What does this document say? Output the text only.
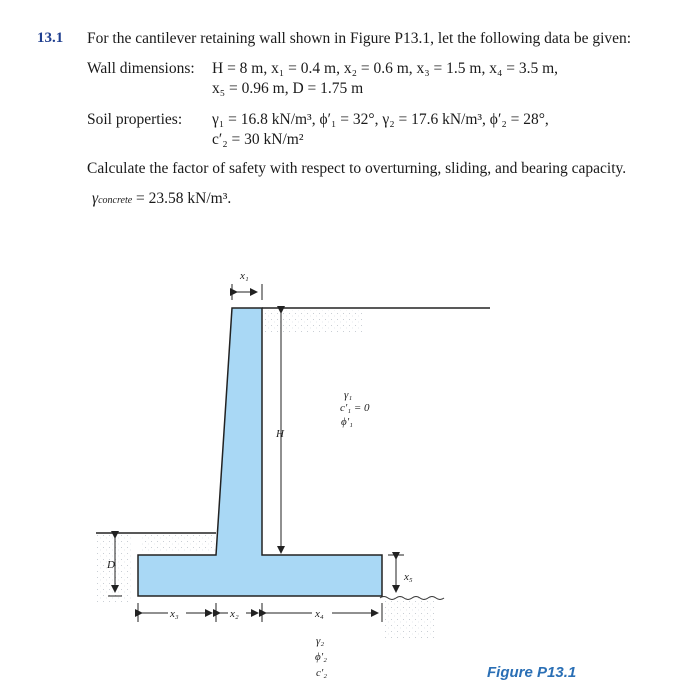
13.1 For the cantilever retaining wall shown in Figure P13.1, let the following data be given:
Wall dimensions: H = 8 m, x₁ = 0.4 m, x₂ = 0.6 m, x₃ = 1.5 m, x₄ = 3.5 m,
x₅ = 0.96 m, D = 1.75 m
Soil properties: γ₁ = 16.8 kN/m³, ϕ′₁ = 32°, γ₂ = 17.6 kN/m³, ϕ′₂ = 28°,
c′₂ = 30 kN/m²
Calculate the factor of safety with respect to overturning, sliding, and bearing capacity.
γconcrete = 23.58 kN/m³.
x₁
H
γ₁
c′₁ = 0
ϕ′₁
D
x₅
x₃	x₂	x₄
γ₂
ϕ′₂
c′₂	Figure P13.1
